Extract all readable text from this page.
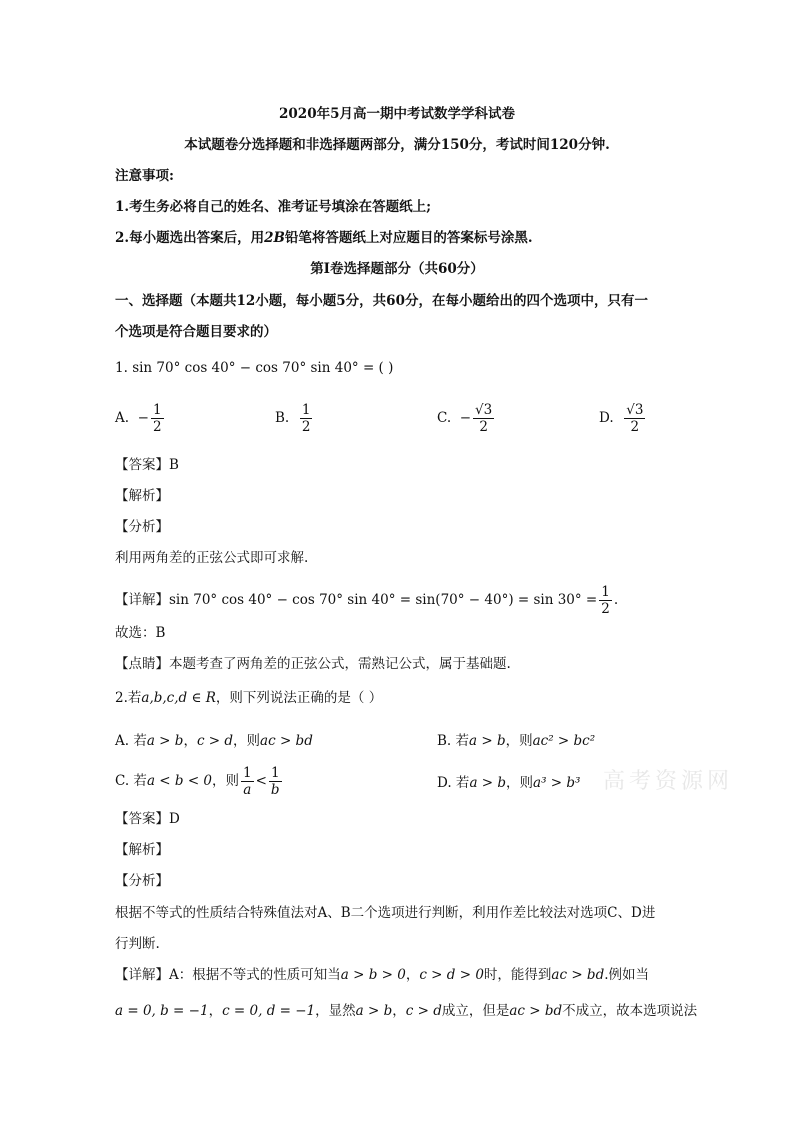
2020年5月高一期中考试数学学科试卷
本试题卷分选择题和非选择题两部分，满分150分，考试时间120分钟.
注意事项:
1.考生务必将自己的姓名、准考证号填涂在答题纸上;
2.每小题选出答案后，用2B铅笔将答题纸上对应题目的答案标号涂黑.
第Ⅰ卷选择题部分（共60分）
一、选择题（本题共12小题，每小题5分，共60分，在每小题给出的四个选项中，只有一
个选项是符合题目要求的）
1. sin 70° cos 40° − cos 70° sin 40° = ( )
A. − $\frac{1}{2}$	B. $\frac{1}{2}$	C. − $\frac{√3}{2}$	D. $\frac{√3}{2}$
【答案】B
【解析】
【分析】
利用两角差的正弦公式即可求解.
【详解】sin 70° cos 40° − cos 70° $\sin 40^\circ = \sin(70^\circ - 40^\circ) = \sin 30^\circ = \frac{1}{2}$ .
故选：B
【点睛】本题考查了两角差的正弦公式，需熟记公式，属于基础题.
2.若a,b,c,d ∈ R，则下列说法正确的是（ ）
A. 若a > b，c > d，则ac > bd	B. 若a > b，则ac² > bc²
C. 若a < b < 0，则 $\frac{1}{a} < \frac{1}{b}$	D. 若a > b，则a³ > b³ 高考资源网
【答案】D
【解析】
【分析】
根据不等式的性质结合特殊值法对A、B二个选项进行判断，利用作差比较法对选项C、D进
行判断.
【详解】A：根据不等式的性质可知当a > b > 0，c > d > 0时，能得到ac > bd.例如当
a = 0, b = −1，c = 0, d = −1，显然a > b，c > d成立，但是ac > bd不成立，故本选项说法
